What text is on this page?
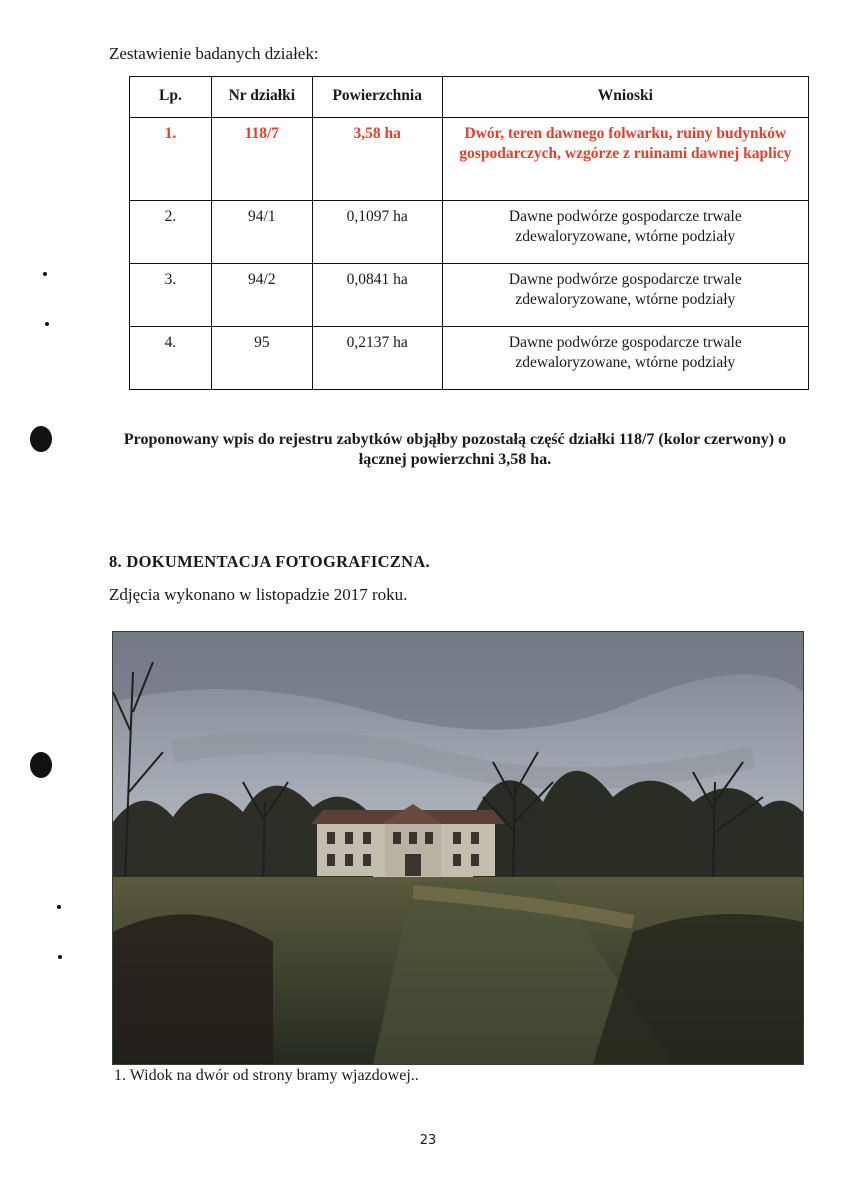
Zestawienie badanych działek:
Lp.	Nr działki	Powierzchnia	Wnioski
1.	118/7	3,58 ha	Dwór, teren dawnego folwarku, ruiny budynków gospodarczych, wzgórze z ruinami dawnej kaplicy
2.	94/1	0,1097 ha	Dawne podwórze gospodarcze trwale zdewaloryzowane, wtórne podziały
3.	94/2	0,0841 ha	Dawne podwórze gospodarcze trwale zdewaloryzowane, wtórne podziały
4.	95	0,2137 ha	Dawne podwórze gospodarcze trwale zdewaloryzowane, wtórne podziały
Proponowany wpis do rejestru zabytków objąłby pozostałą część działki 118/7 (kolor czerwony) o łącznej powierzchni 3,58 ha.
8. DOKUMENTACJA FOTOGRAFICZNA.
Zdjęcia wykonano w listopadzie 2017 roku.
1. Widok na dwór od strony bramy wjazdowej..
23
